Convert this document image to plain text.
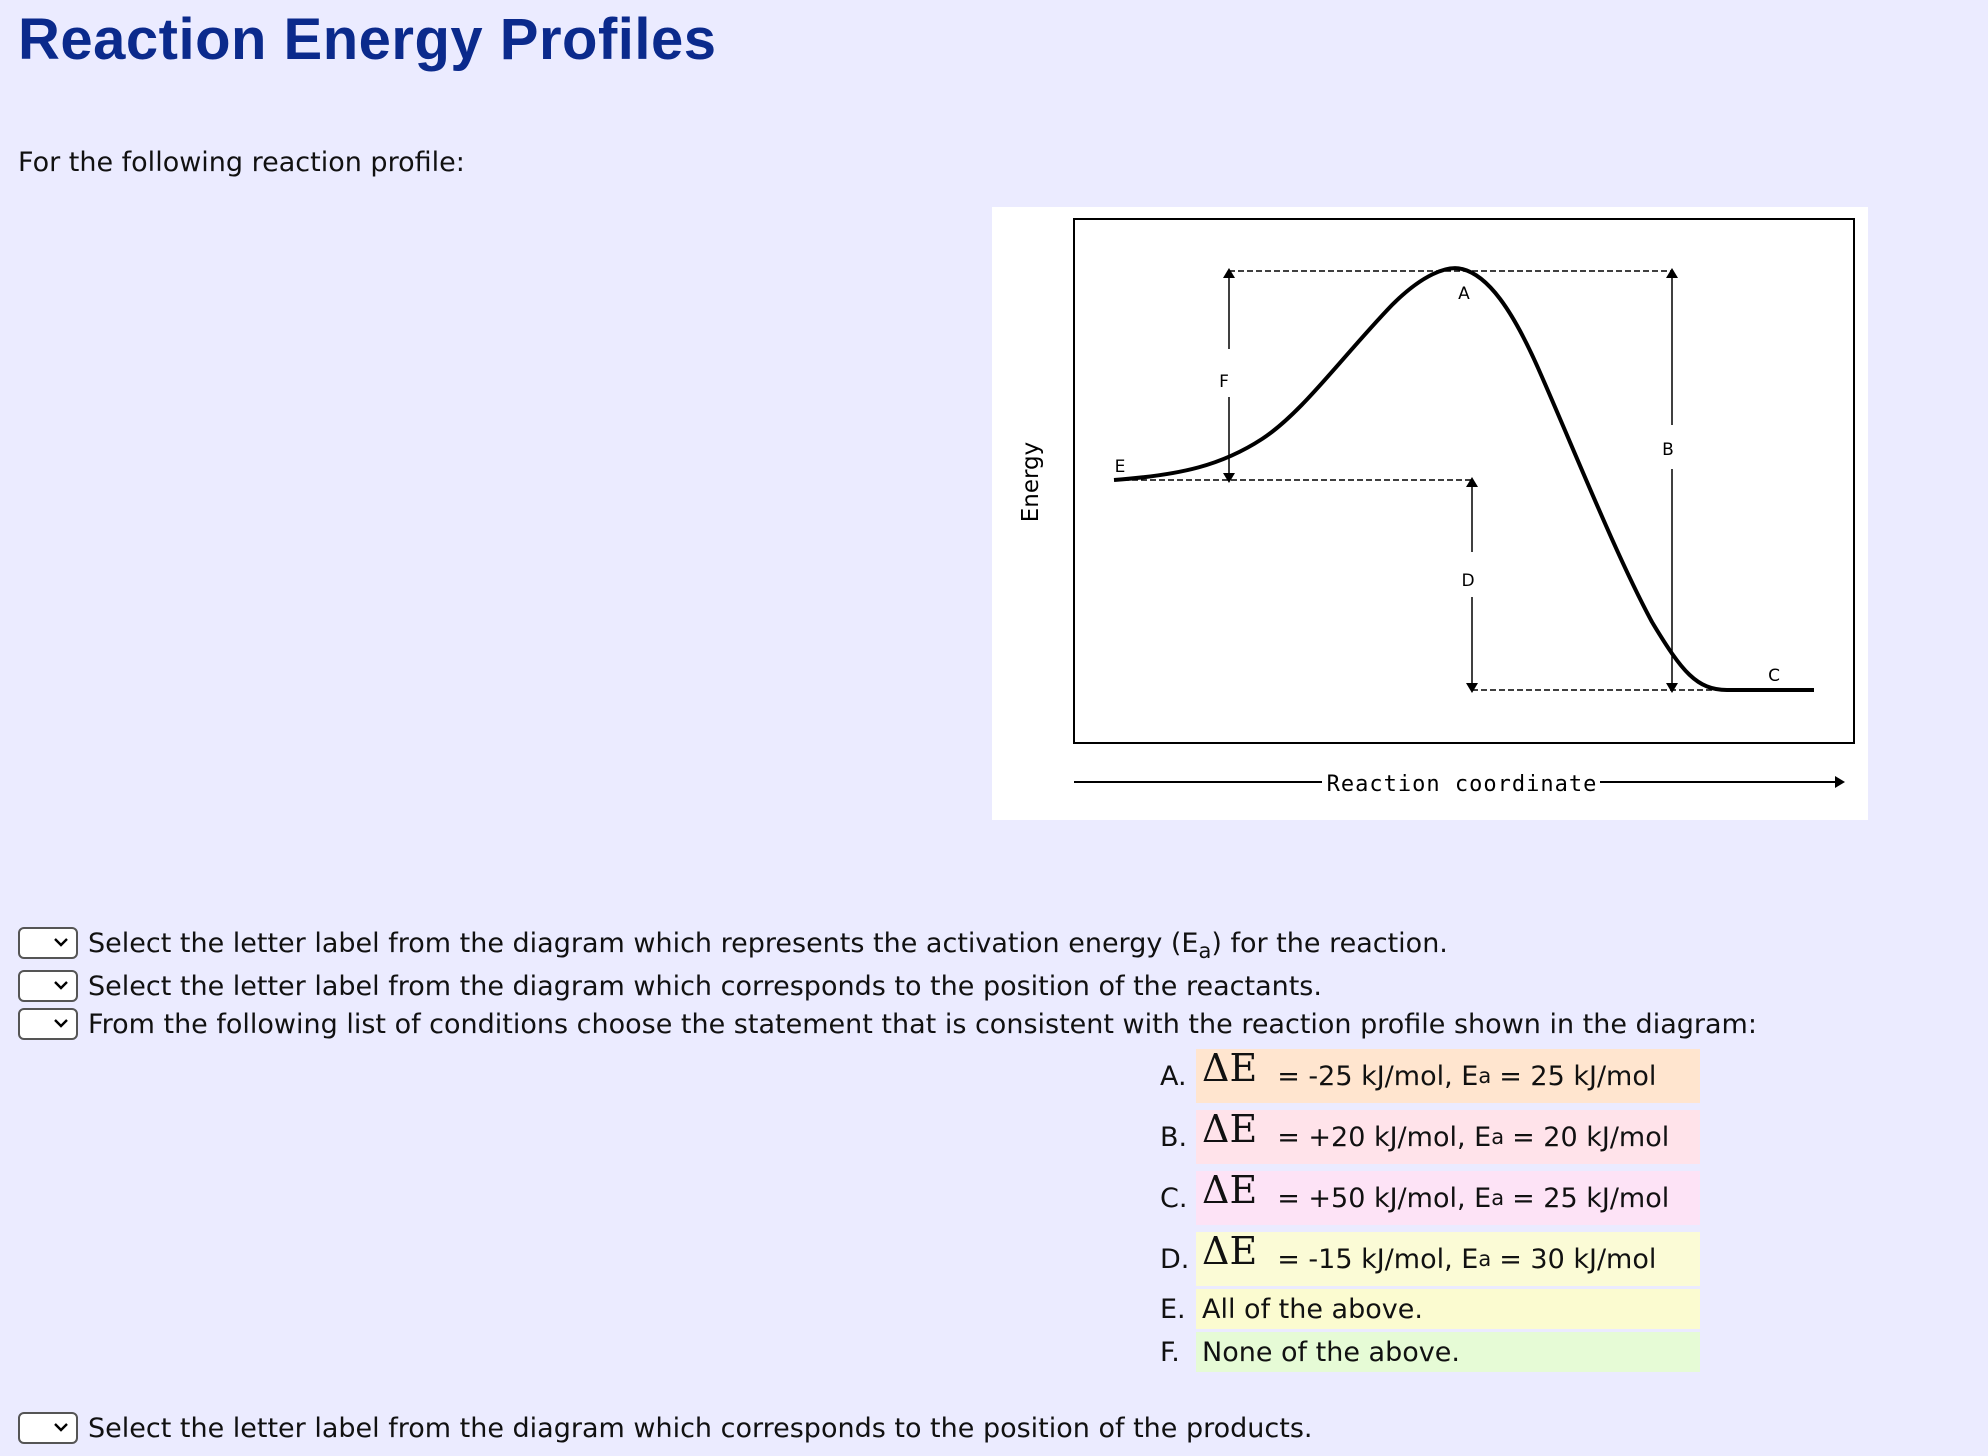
Reaction Energy Profiles
For the following reaction profile:
A
B
C
D
E
F
Energy
Reaction coordinate
Select the letter label from the diagram which represents the activation energy $(E_a)$ for the reaction.
Select the letter label from the diagram which corresponds to the position of the reactants.
From the following list of conditions choose the statement that is consistent with the reaction profile shown in the diagram:
A. ΔE = -25 kJ/mol, E a = 25 kJ/mol
B. ΔE = +20 kJ/mol, E a = 20 kJ/mol
C. ΔE = +50 kJ/mol, E a = 25 kJ/mol
D. ΔE = -15 kJ/mol, E a = 30 kJ/mol
E. All of the above.
F. None of the above.
Select the letter label from the diagram which corresponds to the position of the products.
